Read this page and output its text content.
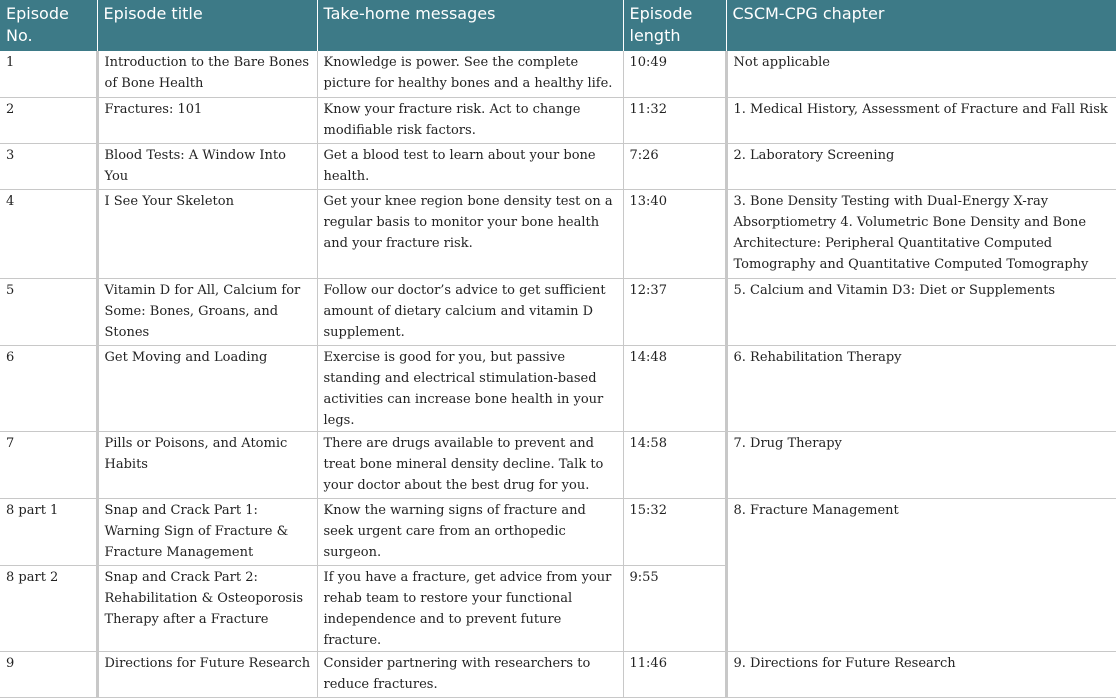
Episode No.	Episode title	Take-home messages	Episode length	CSCM-CPG chapter
1	Introduction to the Bare Bones of Bone Health	Knowledge is power. See the complete picture for healthy bones and a healthy life.	10:49	Not applicable
2	Fractures: 101	Know your fracture risk. Act to change modifiable risk factors.	11:32	1. Medical History, Assessment of Fracture and Fall Risk
3	Blood Tests: A Window Into You	Get a blood test to learn about your bone health.	7:26	2. Laboratory Screening
4	I See Your Skeleton	Get your knee region bone density test on a regular basis to monitor your bone health and your fracture risk.	13:40	3. Bone Density Testing with Dual-Energy X-ray Absorptiometry 4. Volumetric Bone Density and Bone Architecture: Peripheral Quantitative Computed Tomography and Quantitative Computed Tomography
5	Vitamin D for All, Calcium for Some: Bones, Groans, and Stones	Follow our doctor’s advice to get sufficient amount of dietary calcium and vitamin D supplement.	12:37	5. Calcium and Vitamin D3: Diet or Supplements
6	Get Moving and Loading	Exercise is good for you, but passive standing and electrical stimulation-based activities can increase bone health in your legs.	14:48	6. Rehabilitation Therapy
7	Pills or Poisons, and Atomic Habits	There are drugs available to prevent and treat bone mineral density decline. Talk to your doctor about the best drug for you.	14:58	7. Drug Therapy
8 part 1	Snap and Crack Part 1: Warning Sign of Fracture & Fracture Management	Know the warning signs of fracture and seek urgent care from an orthopedic surgeon.	15:32	8. Fracture Management
8 part 2	Snap and Crack Part 2: Rehabilitation & Osteoporosis Therapy after a Fracture	If you have a fracture, get advice from your rehab team to restore your functional independence and to prevent future fracture.	9:55	
9	Directions for Future Research	Consider partnering with researchers to reduce fractures.	11:46	9. Directions for Future Research
